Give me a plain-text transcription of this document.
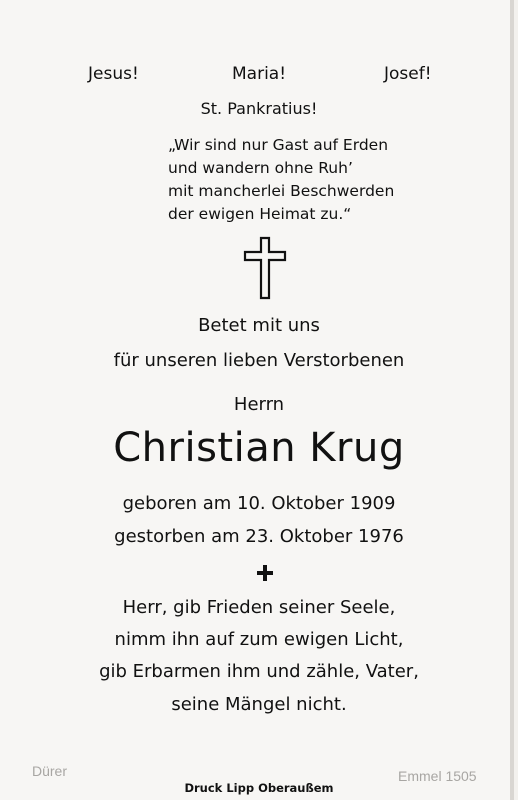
Jesus!	Maria!	Josef!
St. Pankratius!
„Wir sind nur Gast auf Erden
und wandern ohne Ruh’
mit mancherlei Beschwerden
der ewigen Heimat zu.“
Betet mit uns
für unseren lieben Verstorbenen
Herrn
Christian Krug
geboren am 10. Oktober 1909
gestorben am 23. Oktober 1976
Herr, gib Frieden seiner Seele,
nimm ihn auf zum ewigen Licht,
gib Erbarmen ihm und zähle, Vater,
seine Mängel nicht.
Dürer
Druck Lipp Oberaußem
Emmel 1505
